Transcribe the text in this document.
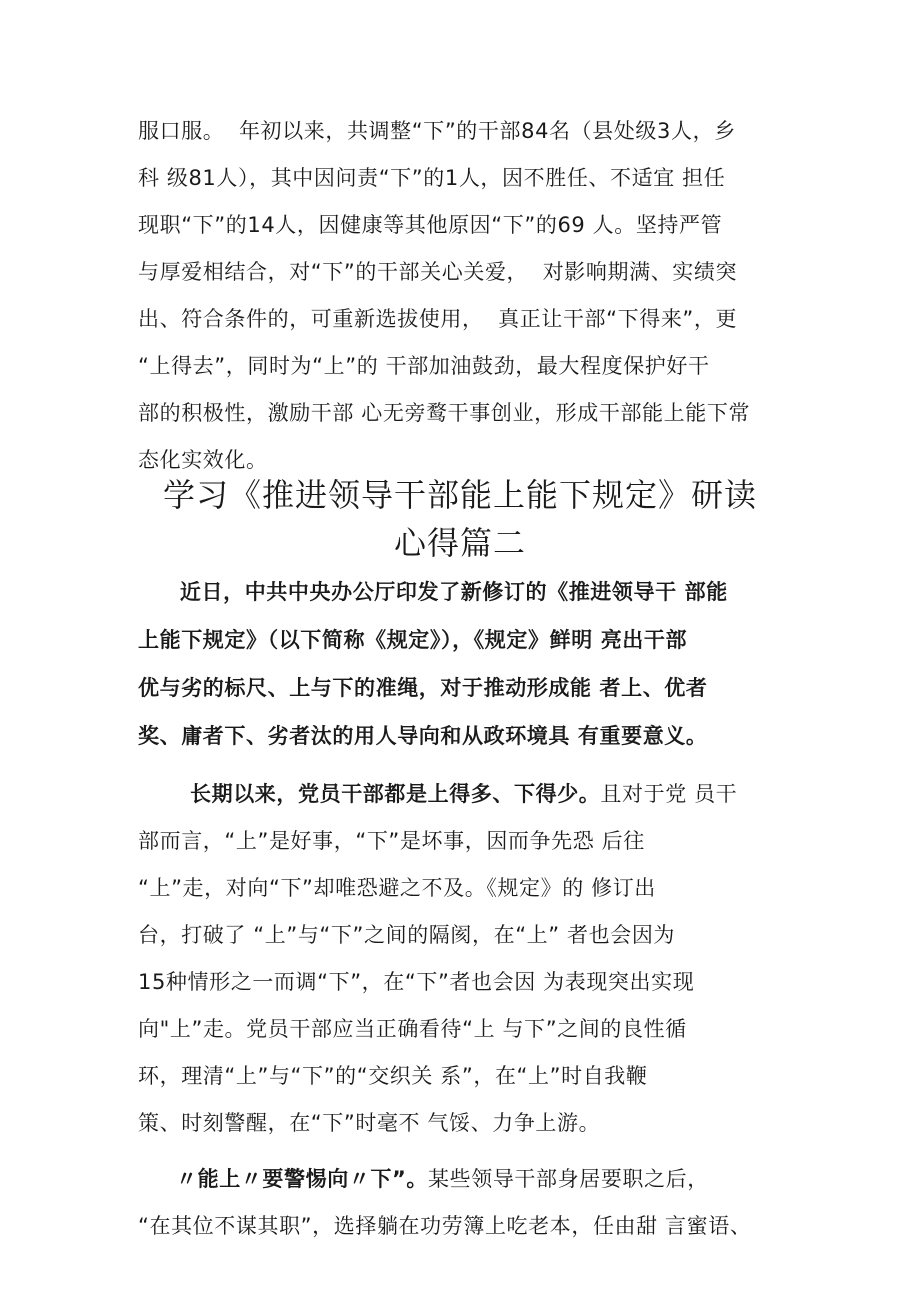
服口服。  年初以来，共调整“下”的干部84名（县处级3人，乡
科 级81人），其中因问责“下”的1人，因不胜任、不适宜 担任
现职“下”的14人，因健康等其他原因“下”的69 人。坚持严管
与厚爱相结合，对“下”的干部关心关爱，  对影响期满、实绩突
出、符合条件的，可重新选拔使用，  真正让干部“下得来”，更
“上得去”，同时为“上”的 干部加油鼓劲，最大程度保护好干
部的积极性，激励干部 心无旁鹜干事创业，形成干部能上能下常
态化实效化。
学习《推进领导干部能上能下规定》研读
心得篇二
近日，中共中央办公厅印发了新修订的《推进领导干 部能
上能下规定》（以下简称《规定》），《规定》鲜明 亮出干部
优与劣的标尺、上与下的准绳，对于推动形成能 者上、优者
奖、庸者下、劣者汰的用人导向和从政环境具 有重要意义。
长期以来，党员干部都是上得多、下得少。且对于党 员干
部而言，“上”是好事，“下”是坏事，因而争先恐 后往
“上”走，对向“下”却唯恐避之不及。《规定》的 修订出
台，打破了 “上”与“下”之间的隔阂，在“上” 者也会因为
15种情形之一而调“下”，在“下”者也会因 为表现突出实现
向"上”走。党员干部应当正确看待“上 与下”之间的良性循
环，理清“上”与“下”的“交织关 系”，在“上”时自我鞭
策、时刻警醒，在“下”时毫不 气馁、力争上游。
〃能上〃要警惕向〃下”。某些领导干部身居要职之后，
“在其位不谋其职”，选择躺在功劳簿上吃老本，任由甜 言蜜语、
